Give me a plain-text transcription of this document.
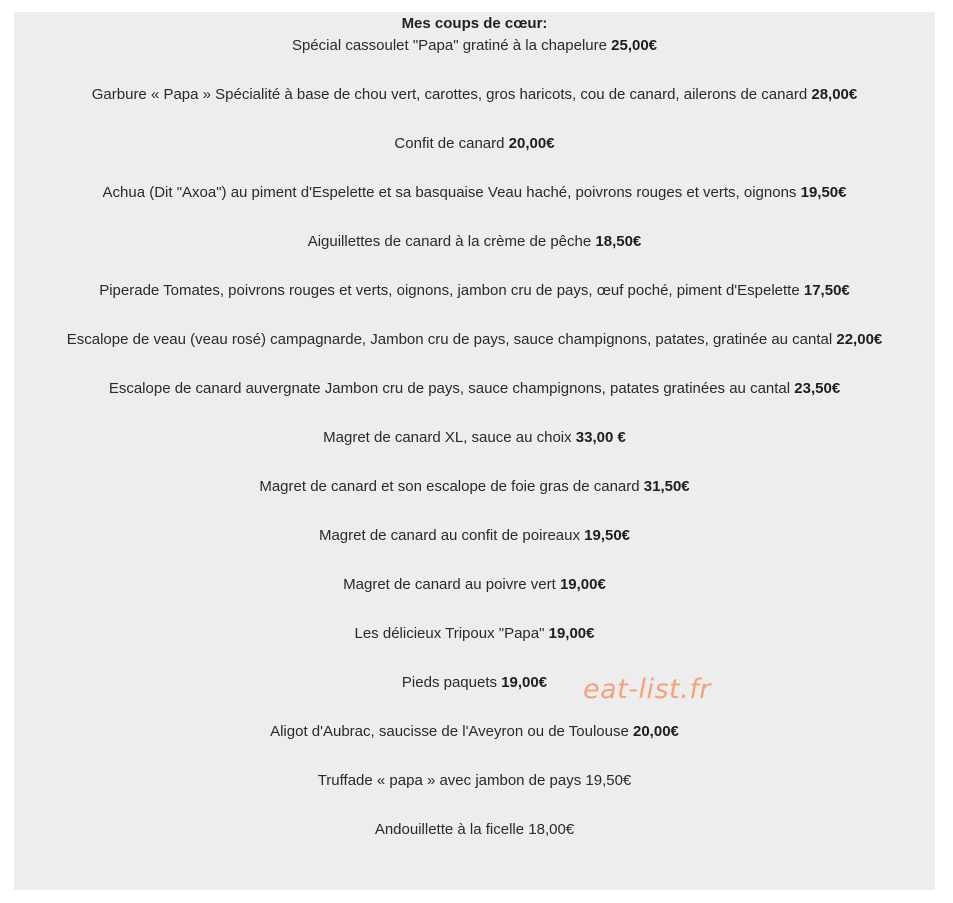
Mes coups de cœur:
Spécial cassoulet "Papa" gratiné à la chapelure 25,00€
Garbure « Papa » Spécialité à base de chou vert, carottes, gros haricots, cou de canard, ailerons de canard 28,00€
Confit de canard 20,00€
Achua (Dit "Axoa") au piment d'Espelette et sa basquaise Veau haché, poivrons rouges et verts, oignons 19,50€
Aiguillettes de canard à la crème de pêche 18,50€
Piperade Tomates, poivrons rouges et verts, oignons, jambon cru de pays, œuf poché, piment d'Espelette 17,50€
Escalope de veau (veau rosé) campagnarde, Jambon cru de pays, sauce champignons, patates, gratinée au cantal 22,00€
Escalope de canard auvergnate Jambon cru de pays, sauce champignons, patates gratinées au cantal 23,50€
Magret de canard XL, sauce au choix 33,00 €
Magret de canard et son escalope de foie gras de canard 31,50€
Magret de canard au confit de poireaux 19,50€
Magret de canard au poivre vert 19,00€
Les délicieux Tripoux "Papa" 19,00€
Pieds paquets 19,00€
Aligot d'Aubrac, saucisse de l'Aveyron ou de Toulouse 20,00€
Truffade « papa » avec jambon de pays 19,50€
Andouillette à la ficelle 18,00€
eat-list.fr
